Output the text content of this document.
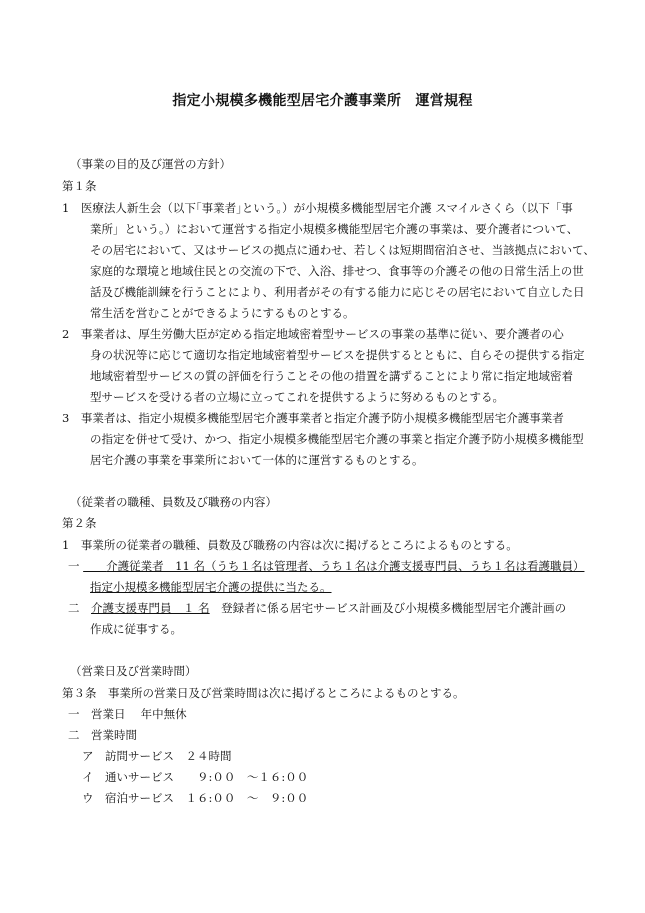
指定小規模多機能型居宅介護事業所　運営規程
（事業の目的及び運営の方針）
第１条
1　医療法人新生会（以下｢事業者｣という。）が小規模多機能型居宅介護 スマイルさくら（以下「事
業所」という。）において運営する指定小規模多機能型居宅介護の事業は、要介護者について、
その居宅において、又はサービスの拠点に通わせ、若しくは短期間宿泊させ、当該拠点において、
家庭的な環境と地域住民との交流の下で、入浴、排せつ、食事等の介護その他の日常生活上の世
話及び機能訓練を行うことにより、利用者がその有する能力に応じその居宅において自立した日
常生活を営むことができるようにするものとする。
2　事業者は、厚生労働大臣が定める指定地域密着型サービスの事業の基準に従い、要介護者の心
身の状況等に応じて適切な指定地域密着型サービスを提供するとともに、自らその提供する指定
地域密着型サービスの質の評価を行うことその他の措置を講ずることにより常に指定地域密着
型サービスを受ける者の立場に立ってこれを提供するように努めるものとする。
3　事業者は、指定小規模多機能型居宅介護事業者と指定介護予防小規模多機能型居宅介護事業者
の指定を併せて受け、かつ、指定小規模多機能型居宅介護の事業と指定介護予防小規模多機能型
居宅介護の事業を事業所において一体的に運営するものとする。
（従業者の職種、員数及び職務の内容）
第２条
1　事業所の従業者の職種、員数及び職務の内容は次に掲げるところによるものとする。
一 　　 介護従業者　11 名（うち１名は管理者、うち１名は介護支援専門員、うち１名は看護職員）
指定小規模多機能型居宅介護の提供に当たる。
二　 介護支援専門員　１ 名　登録者に係る居宅サービス計画及び小規模多機能型居宅介護計画の
作成に従事する。
（営業日及び営業時間）
第３条　事業所の営業日及び営業時間は次に掲げるところによるものとする。
一　営業日　 年中無休
二　営業時間
ア　訪問サービス　２４時間
イ　通いサービス　　９:００　～１６:００
ウ　宿泊サービス　１６:００　～　９:００
